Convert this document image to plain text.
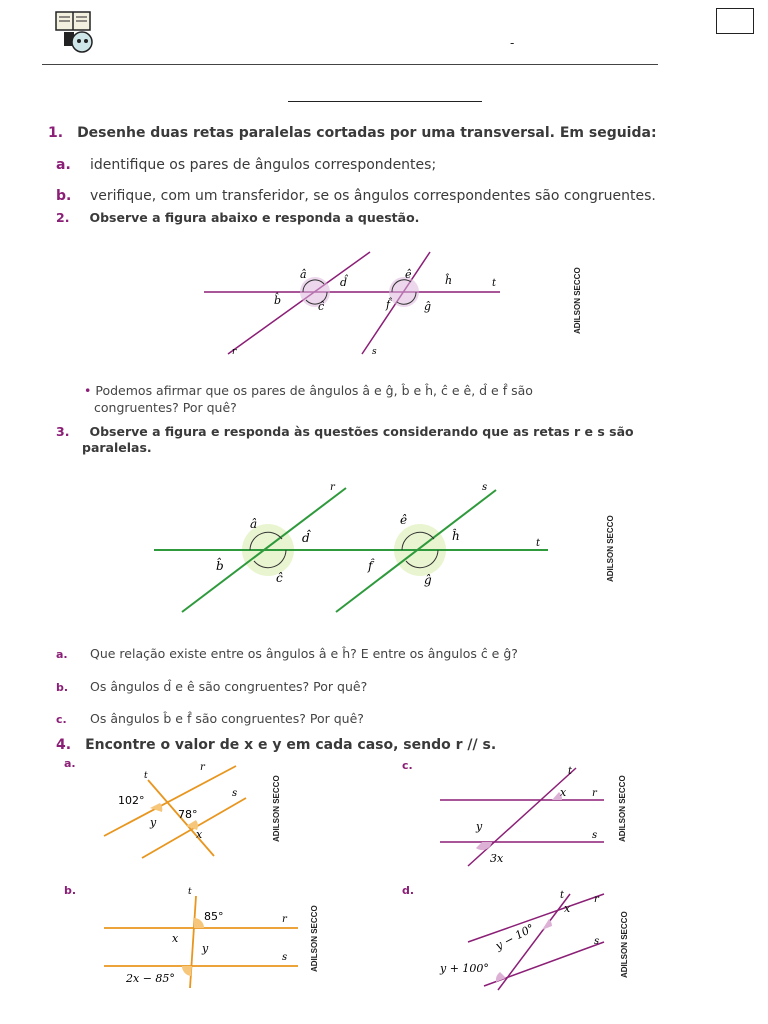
-
1. Desenhe duas retas paralelas cortadas por uma transversal. Em seguida:
a. identifique os pares de ângulos correspondentes;
b. verifique, com um transferidor, se os ângulos correspondentes são congruentes.
2. Observe a figura abaixo e responda a questão.
â
d̂
b̂	ĉ
ê	ĥ
f̂	ĝ
t
r	s
ADILSON SECCO
• Podemos afirmar que os pares de ângulos â e ĝ, b̂ e ĥ, ĉ e ê, d̂ e f̂ são
congruentes? Por quê?
3. Observe a figura e responda às questões considerando que as retas r e s são
paralelas.
â
d̂
b̂
ĉ
ê
ĥ
f̂
ĝ
t
r	s
ADILSON SECCO
a. Que relação existe entre os ângulos â e ĥ? E entre os ângulos ĉ e ĝ?
b. Os ângulos d̂ e ê são congruentes? Por quê?
c. Os ângulos b̂ e f̂ são congruentes? Por quê?
4. Encontre o valor de x e y em cada caso, sendo r // s.
a.	c.
b.	d.
t
r
s
102°
78°
y
x	ADILSON SECCO
t
r
s
x
y
3x
ADILSON SECCO
t
r
s
85°
x
y
2x − 85°
ADILSON SECCO
t	r
s
x
y − 10°
y + 100°	ADILSON SECCO
